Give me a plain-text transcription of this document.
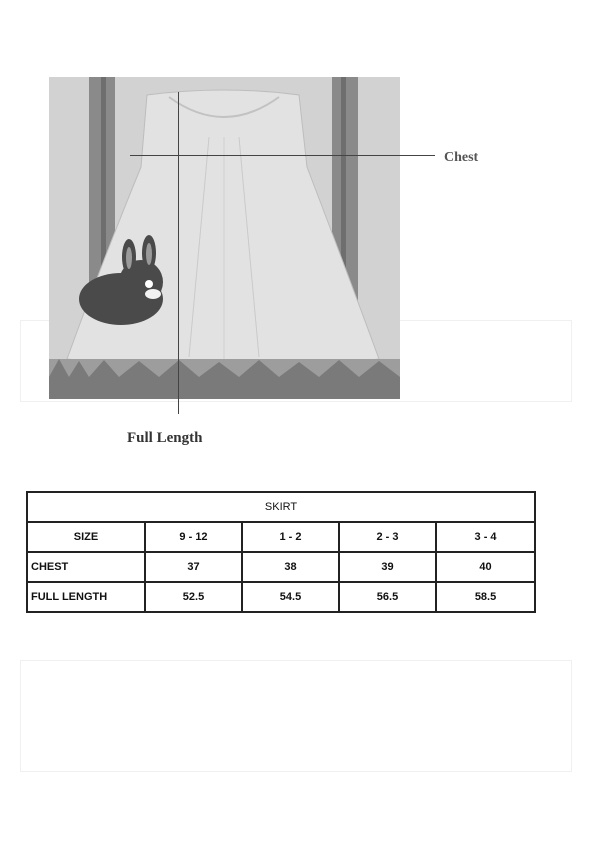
Chest
Full Length
SKIRT				
SIZE	9 - 12	1 - 2	2 - 3	3 - 4
CHEST	37	38	39	40
FULL LENGTH	52.5	54.5	56.5	58.5
